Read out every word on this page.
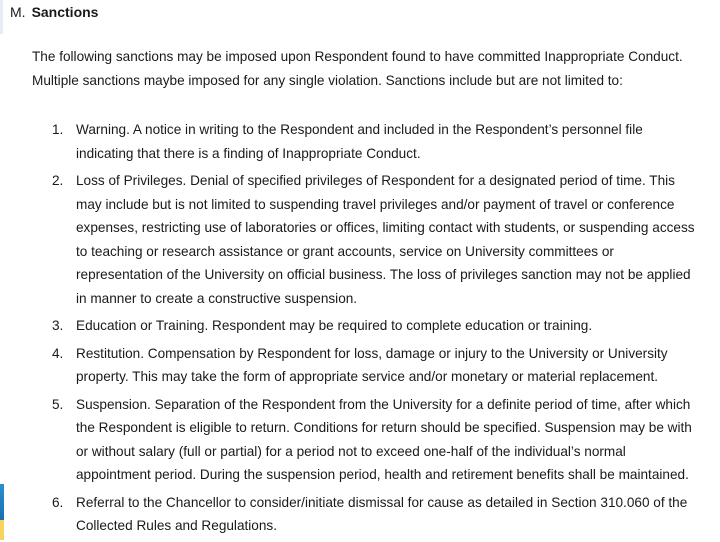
M. Sanctions
The following sanctions may be imposed upon Respondent found to have committed Inappropriate Conduct.
Multiple sanctions maybe imposed for any single violation. Sanctions include but are not limited to:
1. Warning. A notice in writing to the Respondent and included in the Respondent’s personnel file
indicating that there is a finding of Inappropriate Conduct.
2. Loss of Privileges. Denial of specified privileges of Respondent for a designated period of time. This
may include but is not limited to suspending travel privileges and/or payment of travel or conference
expenses, restricting use of laboratories or offices, limiting contact with students, or suspending access
to teaching or research assistance or grant accounts, service on University committees or
representation of the University on official business. The loss of privileges sanction may not be applied
in manner to create a constructive suspension.
3. Education or Training. Respondent may be required to complete education or training.
4. Restitution. Compensation by Respondent for loss, damage or injury to the University or University
property. This may take the form of appropriate service and/or monetary or material replacement.
5. Suspension. Separation of the Respondent from the University for a definite period of time, after which
the Respondent is eligible to return. Conditions for return should be specified. Suspension may be with
or without salary (full or partial) for a period not to exceed one-half of the individual’s normal
appointment period. During the suspension period, health and retirement benefits shall be maintained.
6. Referral to the Chancellor to consider/initiate dismissal for cause as detailed in Section 310.060 of the
Collected Rules and Regulations.
